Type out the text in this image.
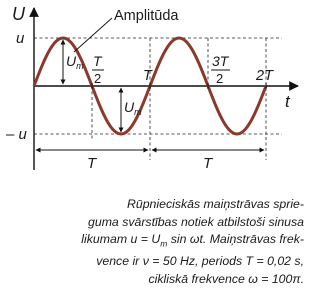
U
t
Amplitūda
u
– u
$U_m$
$U_m$
T
2	T
3T
2 2T
T	T
Rūpnieciskās maiņstrāvas sprie-
guma svārstības notiek atbilstoši sinusa
likumam $u = U_m$ sin ωt. Maiņstrāvas frek-
vence ir ν = 50 Hz, periods T = 0,02 s,
cikliskā frekvence ω = 100π.
